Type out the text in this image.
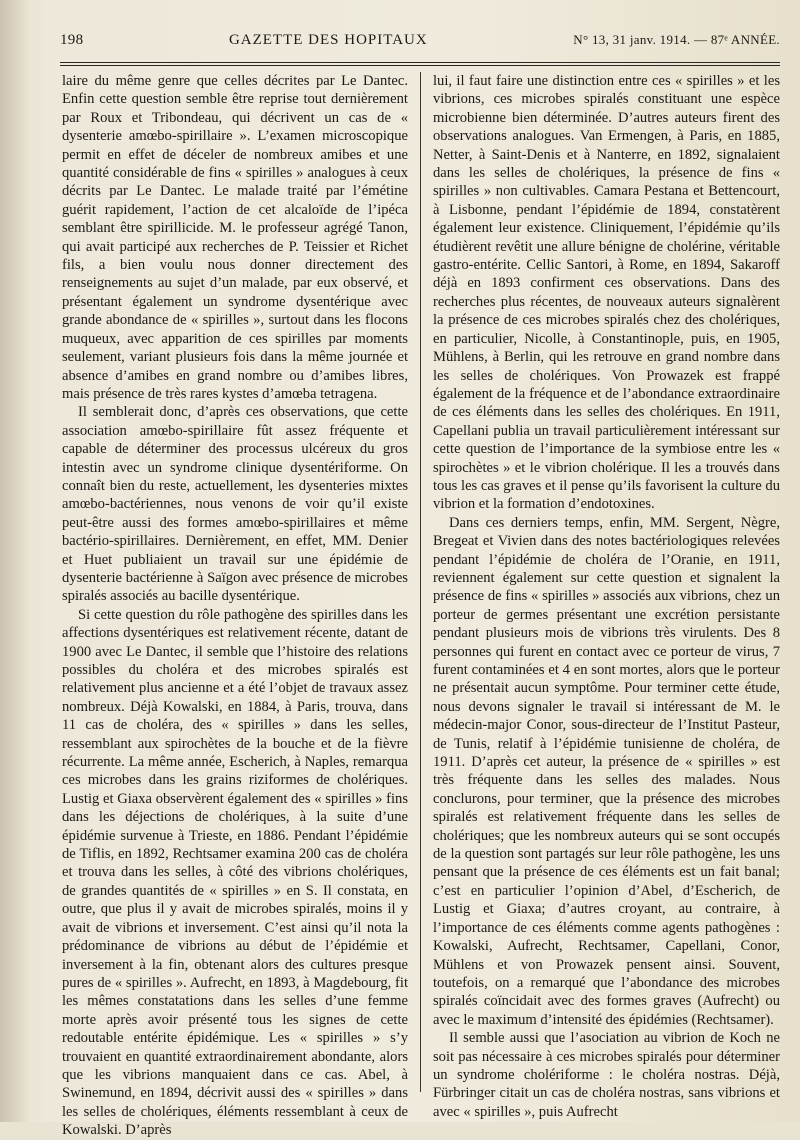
198	GAZETTE DES HOPITAUX	N° 13, 31 janv. 1914. — 87ᵉ ANNÉE.

laire du même genre que celles décrites par Le Dantec. Enfin cette question semble être reprise tout dernièrement par Roux et Tribondeau, qui décrivent un cas de « dysenterie amœbo-spirillaire ». L’examen microscopique permit en effet de déceler de nombreux amibes et une quantité considérable de fins « spirilles » analogues à ceux décrits par Le Dantec. Le malade traité par l’émétine guérit rapidement, l’action de cet alcaloïde de l’ipéca semblant être spirillicide. M. le professeur agrégé Tanon, qui avait participé aux recherches de P. Teissier et Richet fils, a bien voulu nous donner directement des renseignements au sujet d’un malade, par eux observé, et présentant également un syndrome dysentérique avec grande abondance de « spirilles », surtout dans les flocons muqueux, avec apparition de ces spirilles par moments seulement, variant plusieurs fois dans la même journée et absence d’amibes en grand nombre ou d’amibes libres, mais présence de très rares kystes d’amœba tetragena.

Il semblerait donc, d’après ces observations, que cette association amœbo-spirillaire fût assez fréquente et capable de déterminer des processus ulcéreux du gros intestin avec un syndrome clinique dysentériforme. On connaît bien du reste, actuellement, les dysenteries mixtes amœbo-bactériennes, nous venons de voir qu’il existe peut-être aussi des formes amœbo-spirillaires et même bactério-spirillaires. Dernièrement, en effet, MM. Denier et Huet publiaient un travail sur une épidémie de dysenterie bactérienne à Saïgon avec présence de microbes spiralés associés au bacille dysentérique.

Si cette question du rôle pathogène des spirilles dans les affections dysentériques est relativement récente, datant de 1900 avec Le Dantec, il semble que l’histoire des relations possibles du choléra et des microbes spiralés est relativement plus ancienne et a été l’objet de travaux assez nombreux. Déjà Kowalski, en 1884, à Paris, trouva, dans 11 cas de choléra, des « spirilles » dans les selles, ressemblant aux spirochètes de la bouche et de la fièvre récurrente. La même année, Escherich, à Naples, remarqua ces microbes dans les grains riziformes de cholériques. Lustig et Giaxa observèrent également des « spirilles » fins dans les déjections de cholériques, à la suite d’une épidémie survenue à Trieste, en 1886. Pendant l’épidémie de Tiflis, en 1892, Rechtsamer examina 200 cas de choléra et trouva dans les selles, à côté des vibrions cholériques, de grandes quantités de « spirilles » en S. Il constata, en outre, que plus il y avait de microbes spiralés, moins il y avait de vibrions et inversement. C’est ainsi qu’il nota la prédominance de vibrions au début de l’épidémie et inversement à la fin, obtenant alors des cultures presque pures de « spirilles ». Aufrecht, en 1893, à Magdebourg, fit les mêmes constatations dans les selles d’une femme morte après avoir présenté tous les signes de cette redoutable entérite épidémique. Les « spirilles » s’y trouvaient en quantité extraordinairement abondante, alors que les vibrions manquaient dans ce cas. Abel, à Swinemund, en 1894, décrivit aussi des « spirilles » dans les selles de cholériques, éléments ressemblant à ceux de Kowalski. D’après

lui, il faut faire une distinction entre ces « spirilles » et les vibrions, ces microbes spiralés constituant une espèce microbienne bien déterminée. D’autres auteurs firent des observations analogues. Van Ermengen, à Paris, en 1885, Netter, à Saint-Denis et à Nanterre, en 1892, signalaient dans les selles de cholériques, la présence de fins « spirilles » non cultivables. Camara Pestana et Bettencourt, à Lisbonne, pendant l’épidémie de 1894, constatèrent également leur existence. Cliniquement, l’épidémie qu’ils étudièrent revêtit une allure bénigne de cholérine, véritable gastro-entérite. Cellic Santori, à Rome, en 1894, Sakaroff déjà en 1893 confirment ces observations. Dans des recherches plus récentes, de nouveaux auteurs signalèrent la présence de ces microbes spiralés chez des cholériques, en particulier, Nicolle, à Constantinople, puis, en 1905, Mühlens, à Berlin, qui les retrouve en grand nombre dans les selles de cholériques. Von Prowazek est frappé également de la fréquence et de l’abondance extraordinaire de ces éléments dans les selles des cholériques. En 1911, Capellani publia un travail particulièrement intéressant sur cette question de l’importance de la symbiose entre les « spirochètes » et le vibrion cholérique. Il les a trouvés dans tous les cas graves et il pense qu’ils favorisent la culture du vibrion et la formation d’endotoxines.

Dans ces derniers temps, enfin, MM. Sergent, Nègre, Bregeat et Vivien dans des notes bactériologiques relevées pendant l’épidémie de choléra de l’Oranie, en 1911, reviennent également sur cette question et signalent la présence de fins « spirilles » associés aux vibrions, chez un porteur de germes présentant une excrétion persistante pendant plusieurs mois de vibrions très virulents. Des 8 personnes qui furent en contact avec ce porteur de virus, 7 furent contaminées et 4 en sont mortes, alors que le porteur ne présentait aucun symptôme. Pour terminer cette étude, nous devons signaler le travail si intéressant de M. le médecin-major Conor, sous-directeur de l’Institut Pasteur, de Tunis, relatif à l’épidémie tunisienne de choléra, de 1911. D’après cet auteur, la présence de « spirilles » est très fréquente dans les selles des malades. Nous conclurons, pour terminer, que la présence des microbes spiralés est relativement fréquente dans les selles de cholériques; que les nombreux auteurs qui se sont occupés de la question sont partagés sur leur rôle pathogène, les uns pensant que la présence de ces éléments est un fait banal; c’est en particulier l’opinion d’Abel, d’Escherich, de Lustig et Giaxa; d’autres croyant, au contraire, à l’importance de ces éléments comme agents pathogènes : Kowalski, Aufrecht, Rechtsamer, Capellani, Conor, Mühlens et von Prowazek pensent ainsi. Souvent, toutefois, on a remarqué que l’abondance des microbes spiralés coïncidait avec des formes graves (Aufrecht) ou avec le maximum d’intensité des épidémies (Rechtsamer).

Il semble aussi que l’asociation au vibrion de Koch ne soit pas nécessaire à ces microbes spiralés pour déterminer un syndrome cholériforme : le choléra nostras. Déjà, Fürbringer citait un cas de choléra nostras, sans vibrions et avec « spirilles », puis Aufrecht
